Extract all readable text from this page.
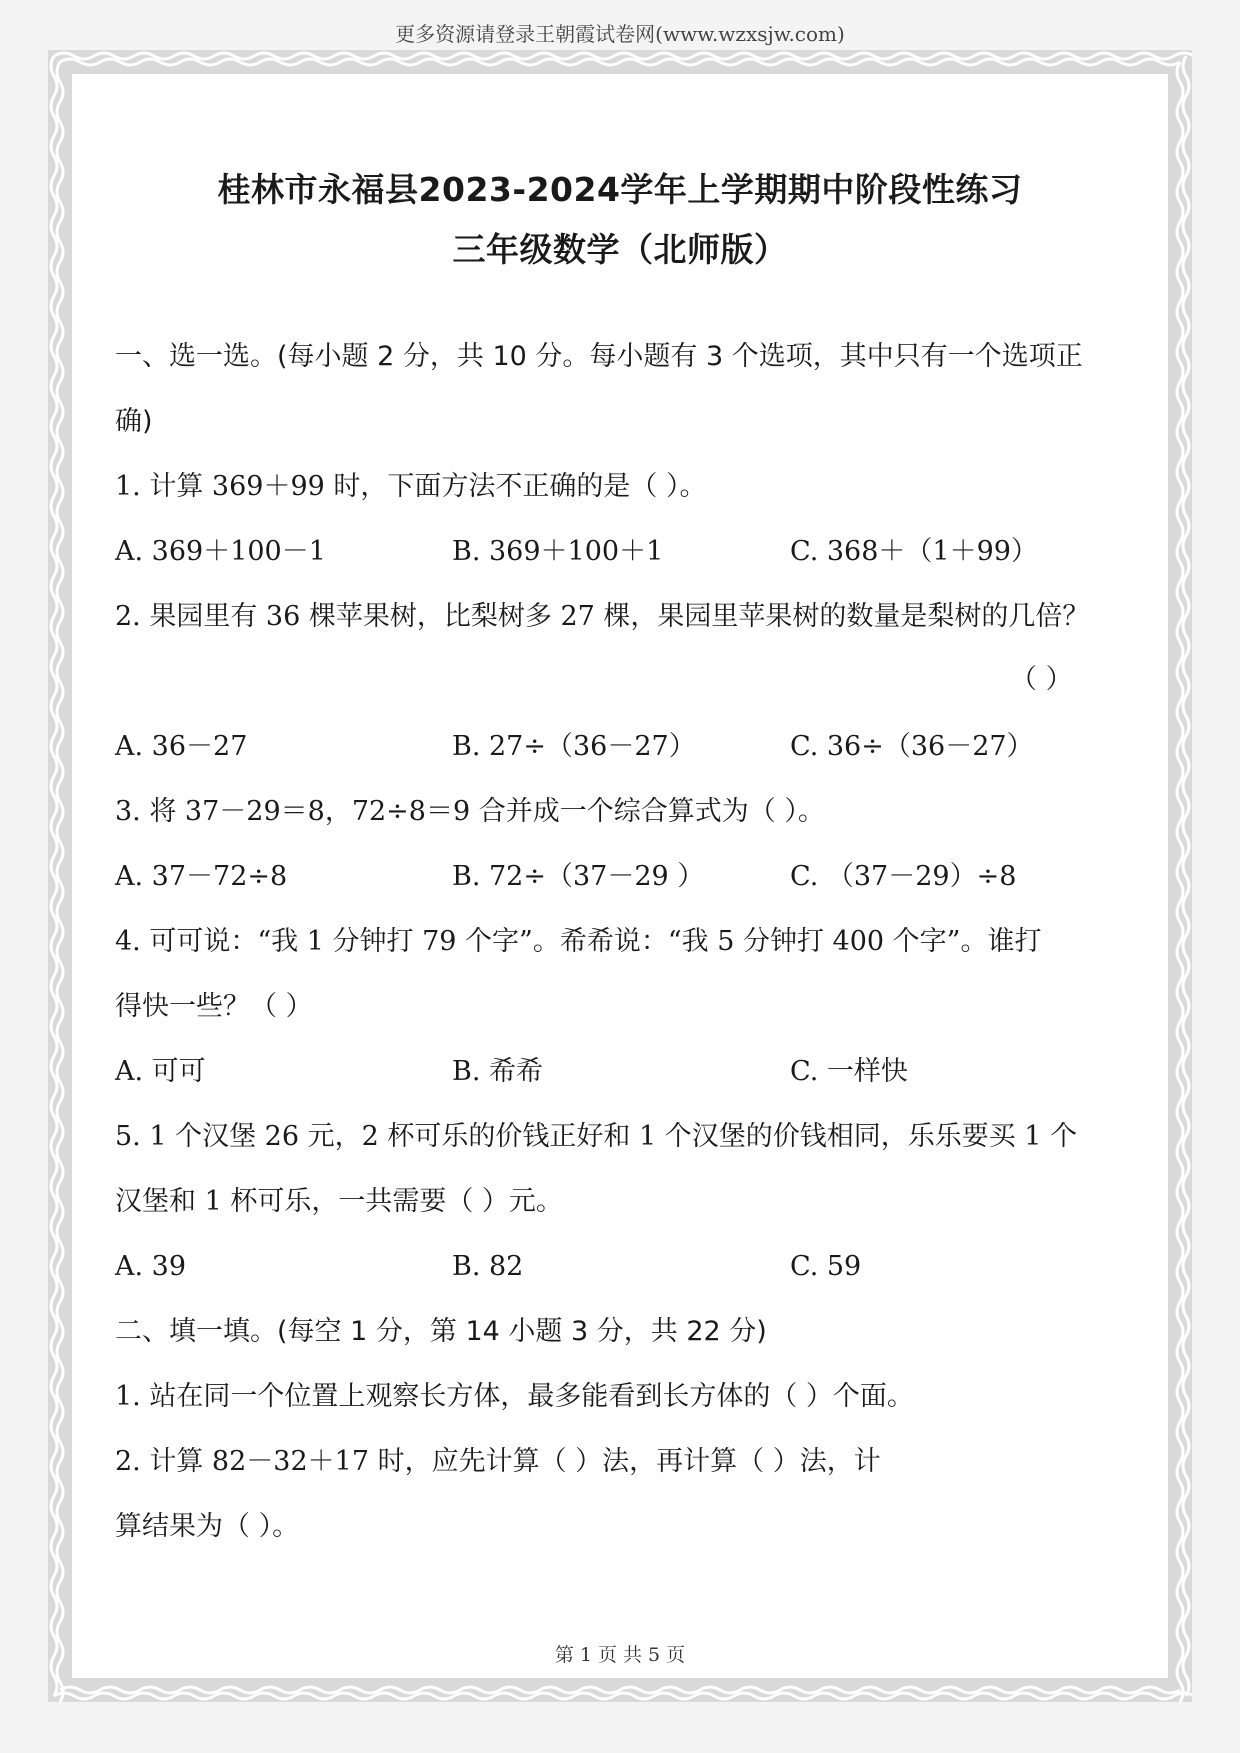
更多资源请登录王朝霞试卷网(www.wzxsjw.com)
桂林市永福县2023-2024学年上学期期中阶段性练习
三年级数学（北师版）
一、选一选。(每小题 2 分，共 10 分。每小题有 3 个选项，其中只有一个选项正
确)
1. 计算 369＋99 时，下面方法不正确的是（ ）。
A. 369＋100－1	B. 369＋100＋1	C. 368＋（1＋99）
2. 果园里有 36 棵苹果树，比梨树多 27 棵，果园里苹果树的数量是梨树的几倍？
（ ）
A. 36－27	B. 27÷（36－27）	C. 36÷（36－27）
3. 将 37－29＝8，72÷8＝9 合并成一个综合算式为（ ）。
A. 37－72÷8	B. 72÷（37－29 ）	C. （37－29）÷8
4. 可可说：“我 1 分钟打 79 个字”。希希说：“我 5 分钟打 400 个字”。谁打
得快一些？（ ）
A. 可可	B. 希希	C. 一样快
5. 1 个汉堡 26 元，2 杯可乐的价钱正好和 1 个汉堡的价钱相同，乐乐要买 1 个
汉堡和 1 杯可乐，一共需要（ ）元。
A. 39	B. 82	C. 59
二、填一填。(每空 1 分，第 14 小题 3 分，共 22 分)
1. 站在同一个位置上观察长方体，最多能看到长方体的（ ）个面。
2. 计算 82－32＋17 时，应先计算（ ）法，再计算（ ）法，计
算结果为（ ）。
第 1 页 共 5 页
